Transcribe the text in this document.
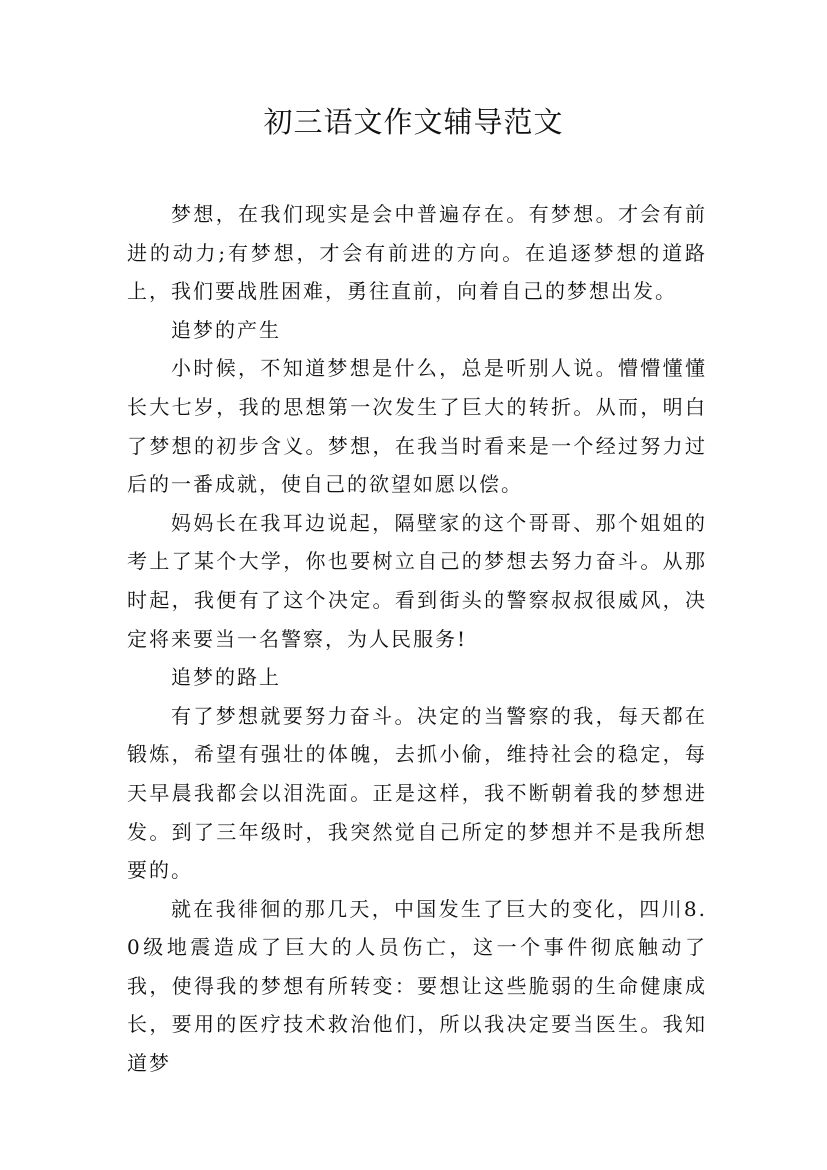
初三语文作文辅导范文

梦想，在我们现实是会中普遍存在。有梦想。才会有前进的动力;有梦想，才会有前进的方向。在追逐梦想的道路上，我们要战胜困难，勇往直前，向着自己的梦想出发。

追梦的产生

小时候，不知道梦想是什么，总是听别人说。懵懵懂懂长大七岁，我的思想第一次发生了巨大的转折。从而，明白了梦想的初步含义。梦想，在我当时看来是一个经过努力过后的一番成就，使自己的欲望如愿以偿。

妈妈长在我耳边说起，隔壁家的这个哥哥、那个姐姐的考上了某个大学，你也要树立自己的梦想去努力奋斗。从那时起，我便有了这个决定。看到街头的警察叔叔很威风，决定将来要当一名警察，为人民服务!

追梦的路上

有了梦想就要努力奋斗。决定的当警察的我，每天都在锻炼，希望有强壮的体魄，去抓小偷，维持社会的稳定，每天早晨我都会以泪洗面。正是这样，我不断朝着我的梦想进发。到了三年级时，我突然觉自己所定的梦想并不是我所想要的。

就在我徘徊的那几天，中国发生了巨大的变化，四川8.0级地震造成了巨大的人员伤亡，这一个事件彻底触动了我，使得我的梦想有所转变：要想让这些脆弱的生命健康成长，要用的医疗技术救治他们，所以我决定要当医生。我知道梦
